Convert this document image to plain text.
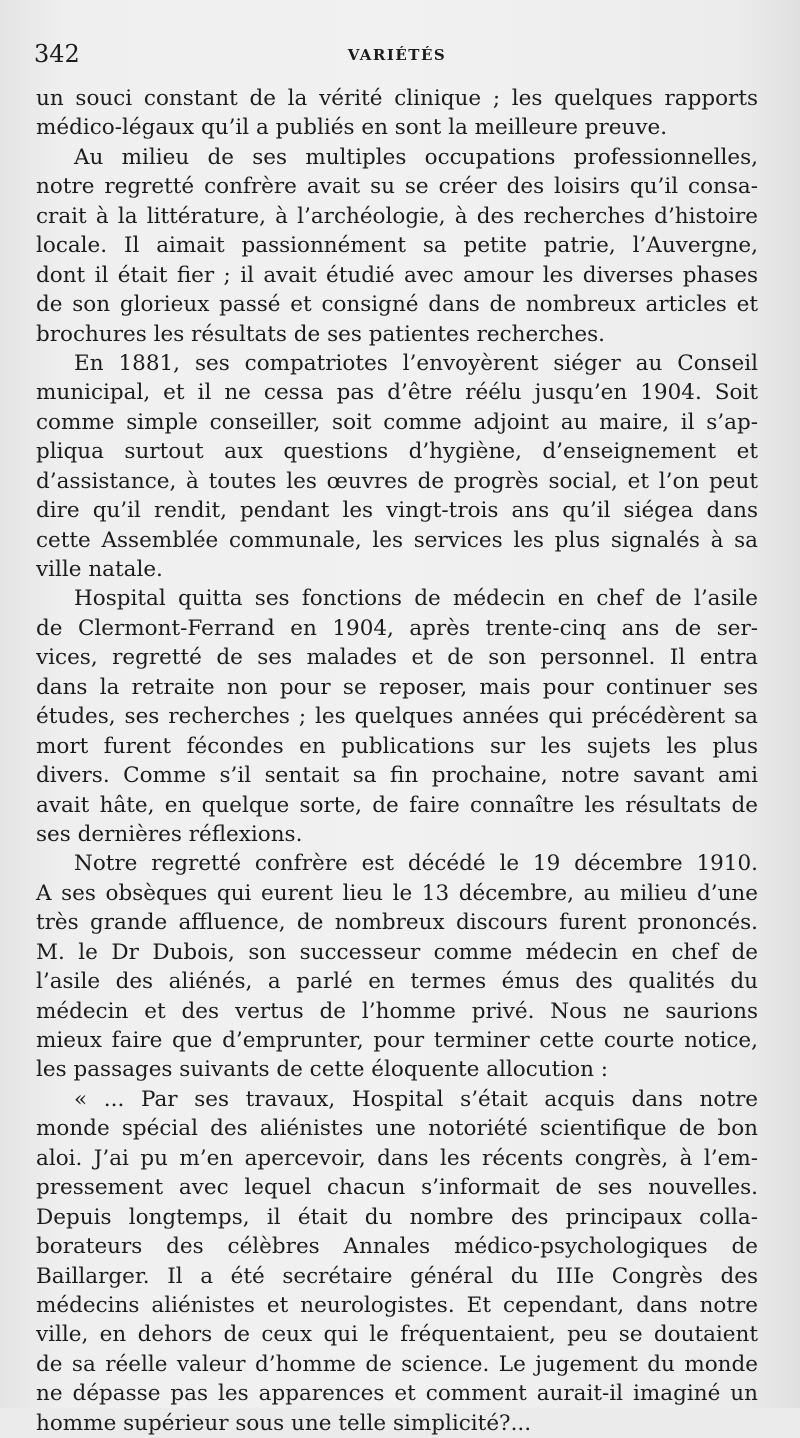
342	VARIÉTÉS
un souci constant de la vérité clinique ; les quelques rapports
médico-légaux qu’il a publiés en sont la meilleure preuve.
Au milieu de ses multiples occupations professionnelles,
notre regretté confrère avait su se créer des loisirs qu’il consa-
crait à la littérature, à l’archéologie, à des recherches d’histoire
locale. Il aimait passionnément sa petite patrie, l’Auvergne,
dont il était fier ; il avait étudié avec amour les diverses phases
de son glorieux passé et consigné dans de nombreux articles et
brochures les résultats de ses patientes recherches.
En 1881, ses compatriotes l’envoyèrent siéger au Conseil
municipal, et il ne cessa pas d’être réélu jusqu’en 1904. Soit
comme simple conseiller, soit comme adjoint au maire, il s’ap-
pliqua surtout aux questions d’hygiène, d’enseignement et
d’assistance, à toutes les œuvres de progrès social, et l’on peut
dire qu’il rendit, pendant les vingt-trois ans qu’il siégea dans
cette Assemblée communale, les services les plus signalés à sa
ville natale.
Hospital quitta ses fonctions de médecin en chef de l’asile
de Clermont-Ferrand en 1904, après trente-cinq ans de ser-
vices, regretté de ses malades et de son personnel. Il entra
dans la retraite non pour se reposer, mais pour continuer ses
études, ses recherches ; les quelques années qui précédèrent sa
mort furent fécondes en publications sur les sujets les plus
divers. Comme s’il sentait sa fin prochaine, notre savant ami
avait hâte, en quelque sorte, de faire connaître les résultats de
ses dernières réflexions.
Notre regretté confrère est décédé le 19 décembre 1910.
A ses obsèques qui eurent lieu le 13 décembre, au milieu d’une
très grande affluence, de nombreux discours furent prononcés.
M. le Dr Dubois, son successeur comme médecin en chef de
l’asile des aliénés, a parlé en termes émus des qualités du
médecin et des vertus de l’homme privé. Nous ne saurions
mieux faire que d’emprunter, pour terminer cette courte notice,
les passages suivants de cette éloquente allocution :
« ... Par ses travaux, Hospital s’était acquis dans notre
monde spécial des aliénistes une notoriété scientifique de bon
aloi. J’ai pu m’en apercevoir, dans les récents congrès, à l’em-
pressement avec lequel chacun s’informait de ses nouvelles.
Depuis longtemps, il était du nombre des principaux colla-
borateurs des célèbres Annales médico-psychologiques de
Baillarger. Il a été secrétaire général du IIIe Congrès des
médecins aliénistes et neurologistes. Et cependant, dans notre
ville, en dehors de ceux qui le fréquentaient, peu se doutaient
de sa réelle valeur d’homme de science. Le jugement du monde
ne dépasse pas les apparences et comment aurait-il imaginé un
homme supérieur sous une telle simplicité?...
